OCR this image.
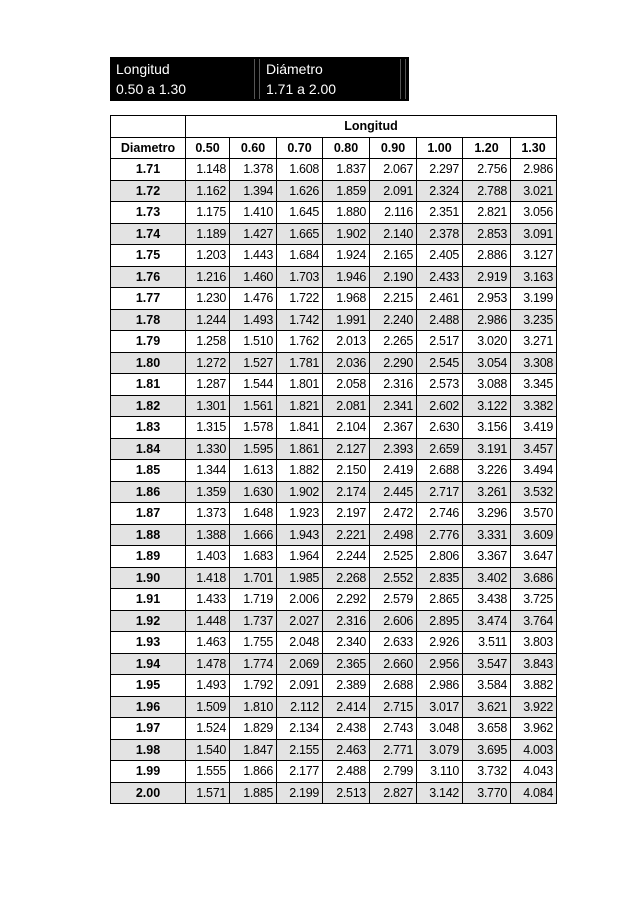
Longitud
0.50 a 1.30
Diámetro
1.71 a 2.00
	Longitud							
Diametro	0.50	0.60	0.70	0.80	0.90	1.00	1.20	1.30
1.71	1.148	1.378	1.608	1.837	2.067	2.297	2.756	2.986
1.72	1.162	1.394	1.626	1.859	2.091	2.324	2.788	3.021
1.73	1.175	1.410	1.645	1.880	2.116	2.351	2.821	3.056
1.74	1.189	1.427	1.665	1.902	2.140	2.378	2.853	3.091
1.75	1.203	1.443	1.684	1.924	2.165	2.405	2.886	3.127
1.76	1.216	1.460	1.703	1.946	2.190	2.433	2.919	3.163
1.77	1.230	1.476	1.722	1.968	2.215	2.461	2.953	3.199
1.78	1.244	1.493	1.742	1.991	2.240	2.488	2.986	3.235
1.79	1.258	1.510	1.762	2.013	2.265	2.517	3.020	3.271
1.80	1.272	1.527	1.781	2.036	2.290	2.545	3.054	3.308
1.81	1.287	1.544	1.801	2.058	2.316	2.573	3.088	3.345
1.82	1.301	1.561	1.821	2.081	2.341	2.602	3.122	3.382
1.83	1.315	1.578	1.841	2.104	2.367	2.630	3.156	3.419
1.84	1.330	1.595	1.861	2.127	2.393	2.659	3.191	3.457
1.85	1.344	1.613	1.882	2.150	2.419	2.688	3.226	3.494
1.86	1.359	1.630	1.902	2.174	2.445	2.717	3.261	3.532
1.87	1.373	1.648	1.923	2.197	2.472	2.746	3.296	3.570
1.88	1.388	1.666	1.943	2.221	2.498	2.776	3.331	3.609
1.89	1.403	1.683	1.964	2.244	2.525	2.806	3.367	3.647
1.90	1.418	1.701	1.985	2.268	2.552	2.835	3.402	3.686
1.91	1.433	1.719	2.006	2.292	2.579	2.865	3.438	3.725
1.92	1.448	1.737	2.027	2.316	2.606	2.895	3.474	3.764
1.93	1.463	1.755	2.048	2.340	2.633	2.926	3.511	3.803
1.94	1.478	1.774	2.069	2.365	2.660	2.956	3.547	3.843
1.95	1.493	1.792	2.091	2.389	2.688	2.986	3.584	3.882
1.96	1.509	1.810	2.112	2.414	2.715	3.017	3.621	3.922
1.97	1.524	1.829	2.134	2.438	2.743	3.048	3.658	3.962
1.98	1.540	1.847	2.155	2.463	2.771	3.079	3.695	4.003
1.99	1.555	1.866	2.177	2.488	2.799	3.110	3.732	4.043
2.00	1.571	1.885	2.199	2.513	2.827	3.142	3.770	4.084
